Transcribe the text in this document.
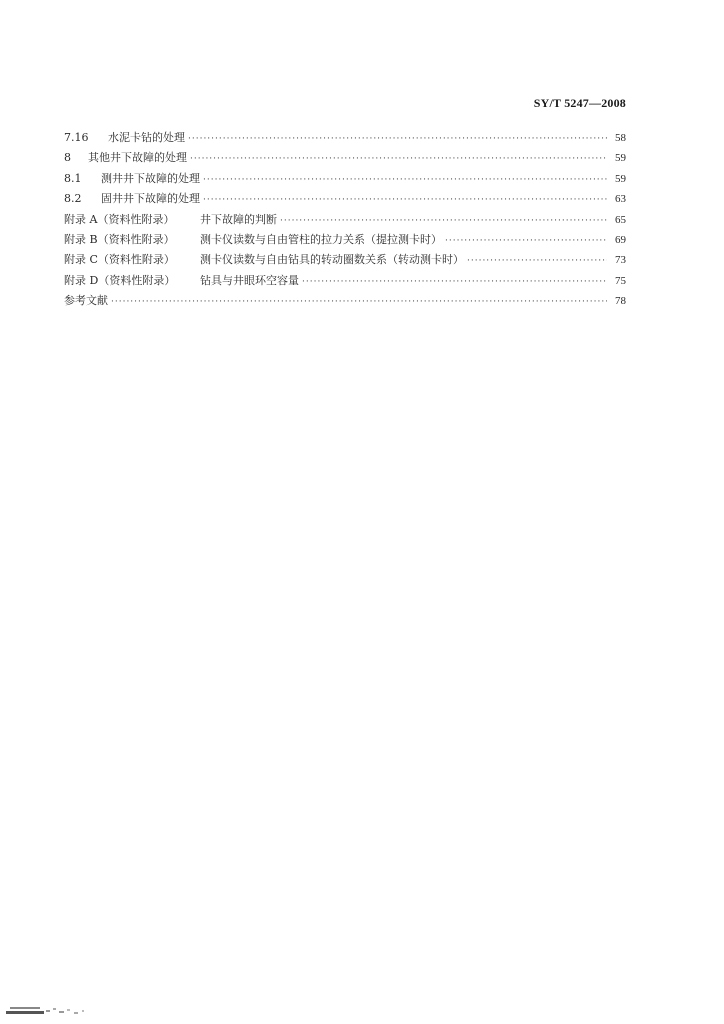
SY/T 5247—2008
7.16	水泥卡钻的处理 ·····	58
8	其他井下故障的处理 ·····	59
8.1	测井井下故障的处理 ·····	59
8.2	固井井下故障的处理 ·····	63
附录 A（资料性附录）	井下故障的判断 ·····	65
附录 B（资料性附录）	测卡仪读数与自由管柱的拉力关系（提拉测卡时） ·····	69
附录 C（资料性附录）	测卡仪读数与自由钻具的转动圈数关系（转动测卡时） ·····	73
附录 D（资料性附录）	钻具与井眼环空容量 ·····	75
参考文献 ·····	78
